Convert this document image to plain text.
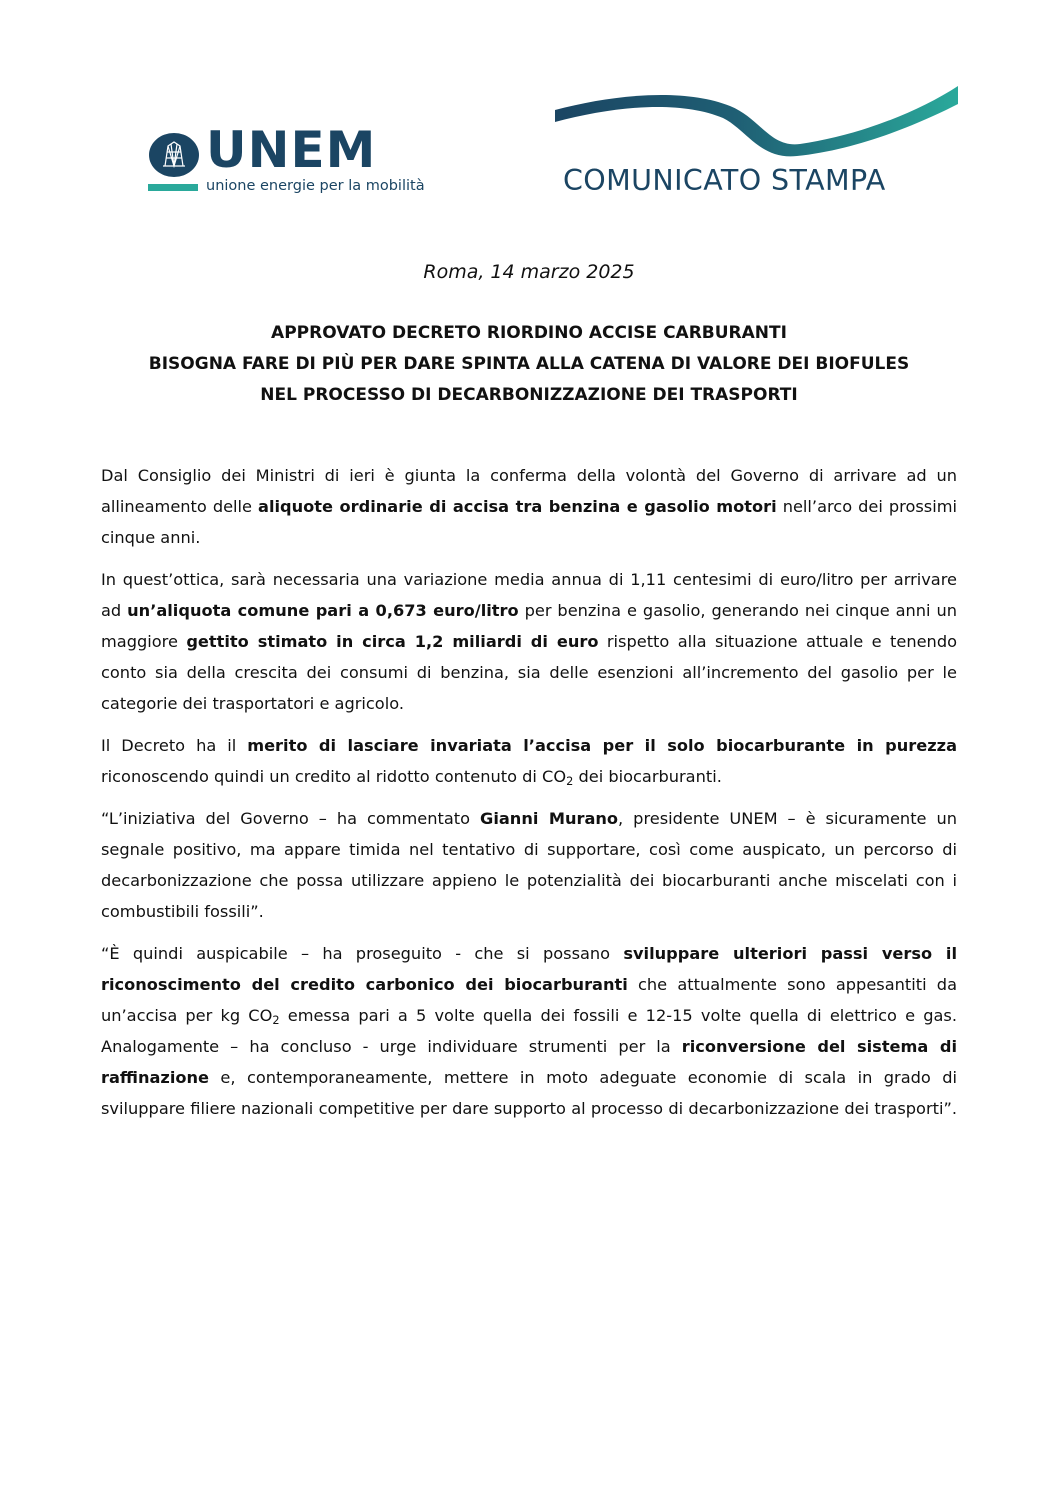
UNEM
unione energie per la mobilità	COMUNICATO STAMPA
Roma, 14 marzo 2025
APPROVATO DECRETO RIORDINO ACCISE CARBURANTI
BISOGNA FARE DI PIÙ PER DARE SPINTA ALLA CATENA DI VALORE DEI BIOFULES
NEL PROCESSO DI DECARBONIZZAZIONE DEI TRASPORTI

Dal Consiglio dei Ministri di ieri è giunta la conferma della volontà del Governo di arrivare ad un allineamento delle aliquote ordinarie di accisa tra benzina e gasolio motori nell’arco dei prossimi cinque anni.

In quest’ottica, sarà necessaria una variazione media annua di 1,11 centesimi di euro/litro per arrivare ad un’aliquota comune pari a 0,673 euro/litro per benzina e gasolio, generando nei cinque anni un maggiore gettito stimato in circa 1,2 miliardi di euro rispetto alla situazione attuale e tenendo conto sia della crescita dei consumi di benzina, sia delle esenzioni all’incremento del gasolio per le categorie dei trasportatori e agricolo.

Il Decreto ha il merito di lasciare invariata l’accisa per il solo biocarburante in purezza riconoscendo quindi un credito al ridotto contenuto di $CO_2$ dei biocarburanti.

“L’iniziativa del Governo – ha commentato Gianni Murano, presidente UNEM – è sicuramente un segnale positivo, ma appare timida nel tentativo di supportare, così come auspicato, un percorso di decarbonizzazione che possa utilizzare appieno le potenzialità dei biocarburanti anche miscelati con i combustibili fossili”.

“È quindi auspicabile – ha proseguito - che si possano sviluppare ulteriori passi verso il riconoscimento del credito carbonico dei biocarburanti che attualmente sono appesantiti da un’accisa per kg $CO_2$ emessa pari a 5 volte quella dei fossili e 12-15 volte quella di elettrico e gas. Analogamente – ha concluso - urge individuare strumenti per la riconversione del sistema di raffinazione e, contemporaneamente, mettere in moto adeguate economie di scala in grado di sviluppare filiere nazionali competitive per dare supporto al processo di decarbonizzazione dei trasporti”.
